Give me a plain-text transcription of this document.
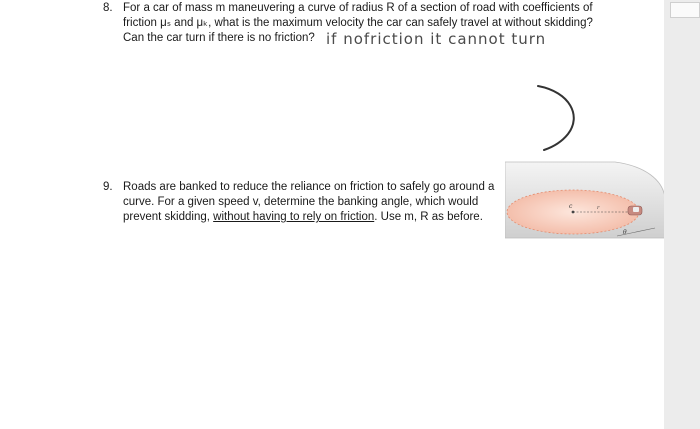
8. For a car of mass m maneuvering a curve of radius R of a section of road with coefficients of
friction μₛ and μₖ, what is the maximum velocity the car can safely travel at without skidding?
Can the car turn if there is no friction? if nofriction it cannot turn
9. Roads are banked to reduce the reliance on friction to safely go around a
curve. For a given speed v, determine the banking angle, which would
prevent skidding, without having to rely on friction. Use m, R as before.
c	r
θ
